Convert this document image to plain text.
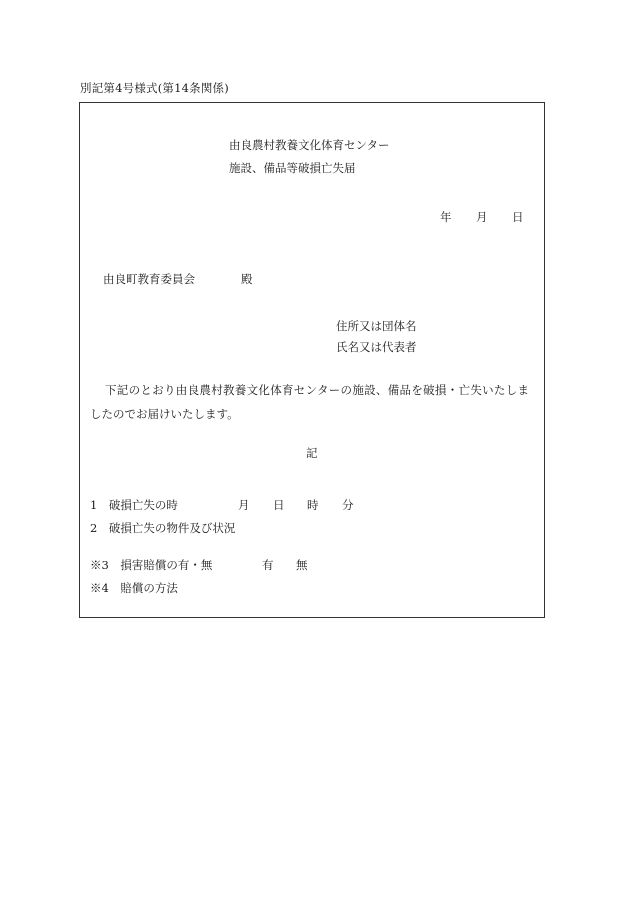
別記第4号様式(第14条関係)
由良農村教養文化体育センター
施設、備品等破損亡失届
年 月 日
由良町教育委員会	殿
住所又は団体名
氏名又は代表者
下記のとおり由良農村教養文化体育センターの施設、備品を破損・亡失いたしま
したのでお届けいたします。
記
1　破損亡失の時	月 日 時 分
2　破損亡失の物件及び状況
※3　損害賠償の有・無	有 無
※4　賠償の方法
